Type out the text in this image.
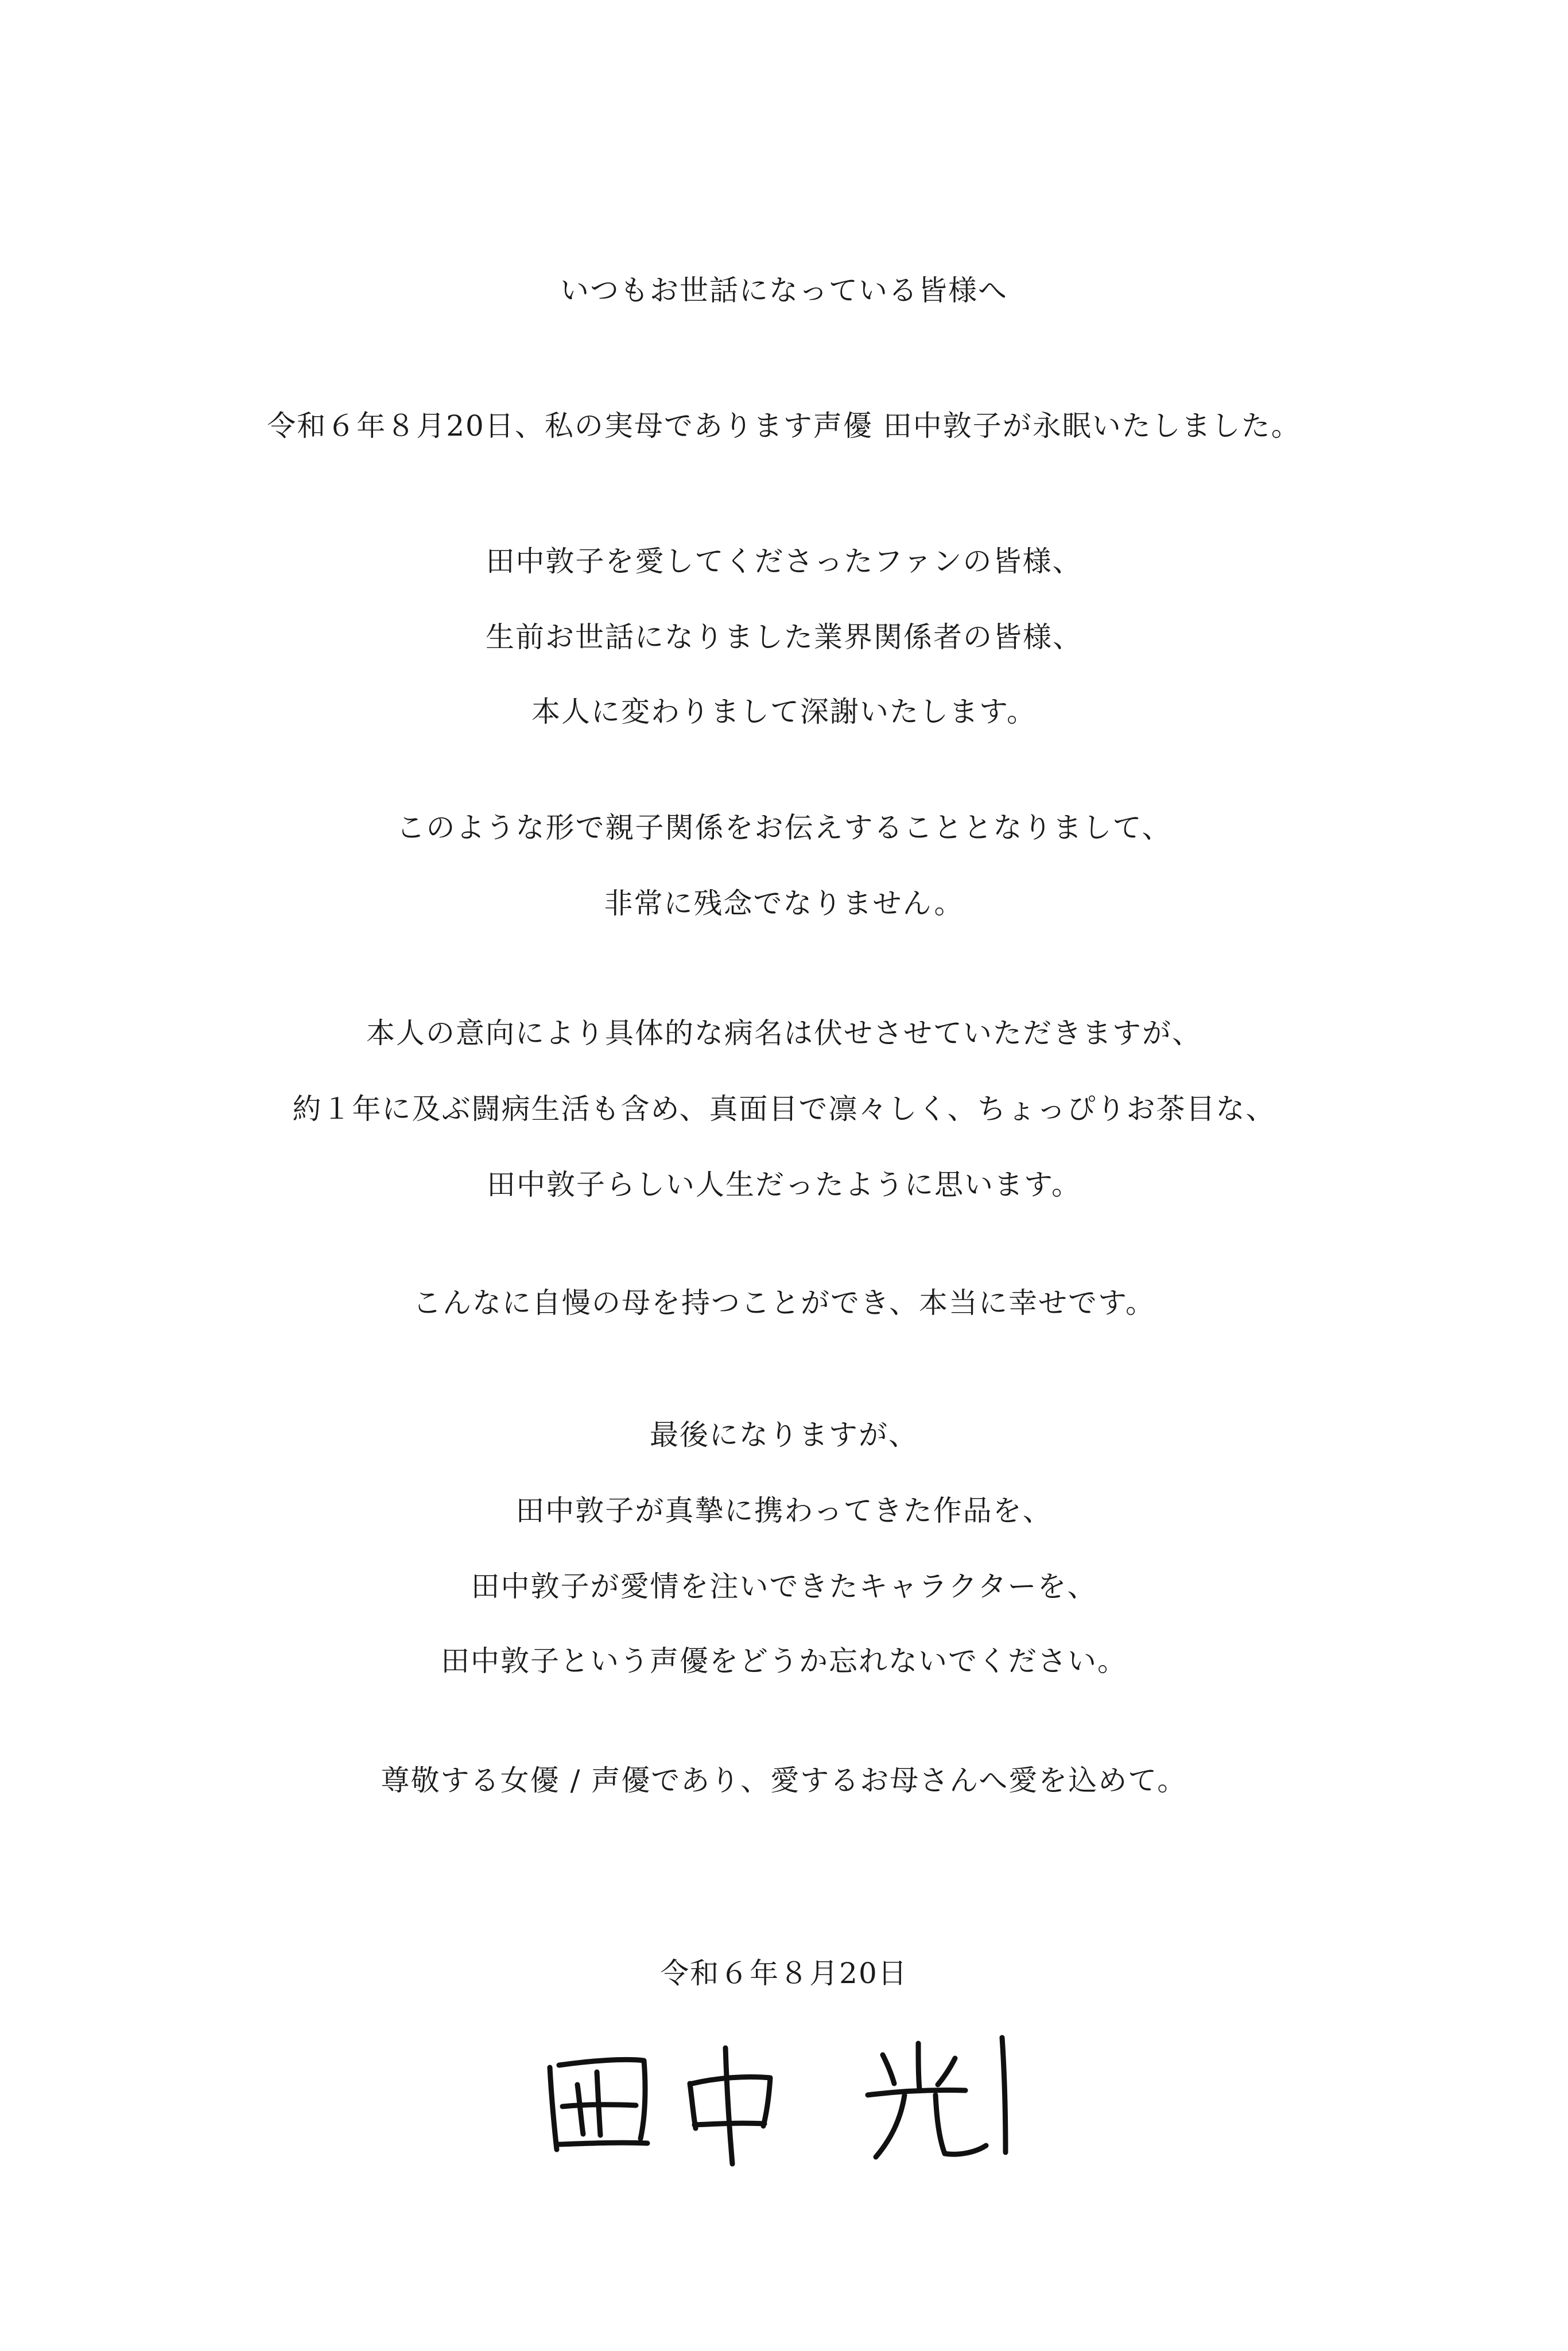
いつもお世話になっている皆様へ
令和６年８月20日、私の実母であります声優 田中敦子が永眠いたしました。
田中敦子を愛してくださったファンの皆様、
生前お世話になりました業界関係者の皆様、
本人に変わりまして深謝いたします。
このような形で親子関係をお伝えすることとなりまして、
非常に残念でなりません。
本人の意向により具体的な病名は伏せさせていただきますが、
約１年に及ぶ闘病生活も含め、真面目で凛々しく、ちょっぴりお茶目な、
田中敦子らしい人生だったように思います。
こんなに自慢の母を持つことができ、本当に幸せです。
最後になりますが、
田中敦子が真摯に携わってきた作品を、
田中敦子が愛情を注いできたキャラクターを、
田中敦子という声優をどうか忘れないでください。
尊敬する女優 / 声優であり、愛するお母さんへ愛を込めて。
令和６年８月20日
